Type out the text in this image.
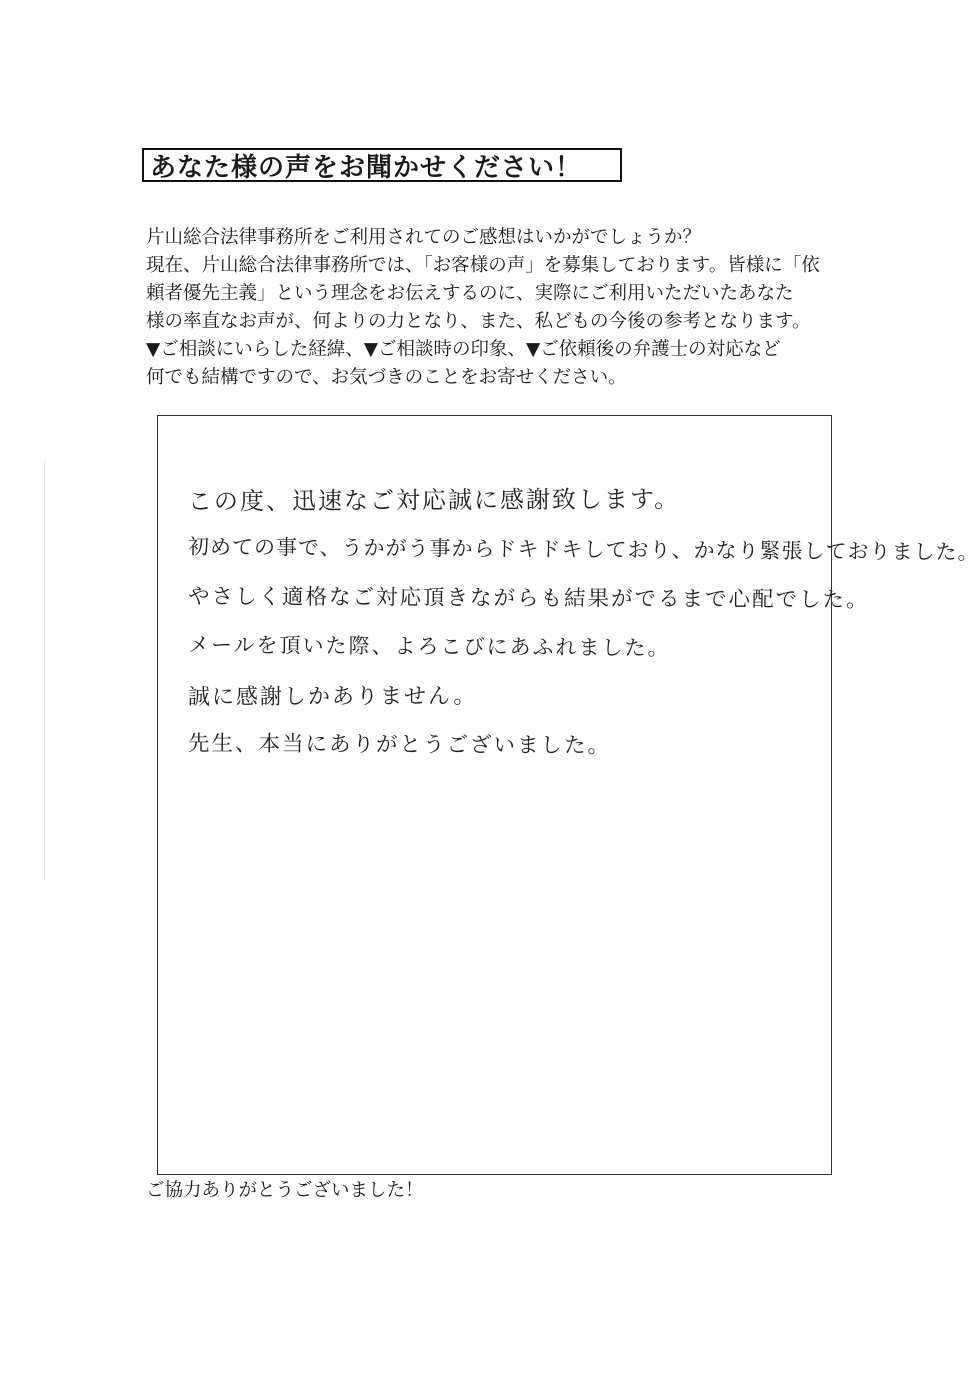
あなた様の声をお聞かせください！
片山総合法律事務所をご利用されてのご感想はいかがでしょうか？
現在、片山総合法律事務所では、「お客様の声」を募集しております。皆様に「依
頼者優先主義」という理念をお伝えするのに、実際にご利用いただいたあなた
様の率直なお声が、何よりの力となり、また、私どもの今後の参考となります。
▼ご相談にいらした経緯、▼ご相談時の印象、▼ご依頼後の弁護士の対応など
何でも結構ですので、お気づきのことをお寄せください。
この度、迅速なご対応誠に感謝致します。
初めての事で、うかがう事からドキドキしており、かなり緊張しておりました。
やさしく適格なご対応頂きながらも結果がでるまで心配でした。
メールを頂いた際、よろこびにあふれました。
誠に感謝しかありません。
先生、本当にありがとうございました。
ご協力ありがとうございました！
